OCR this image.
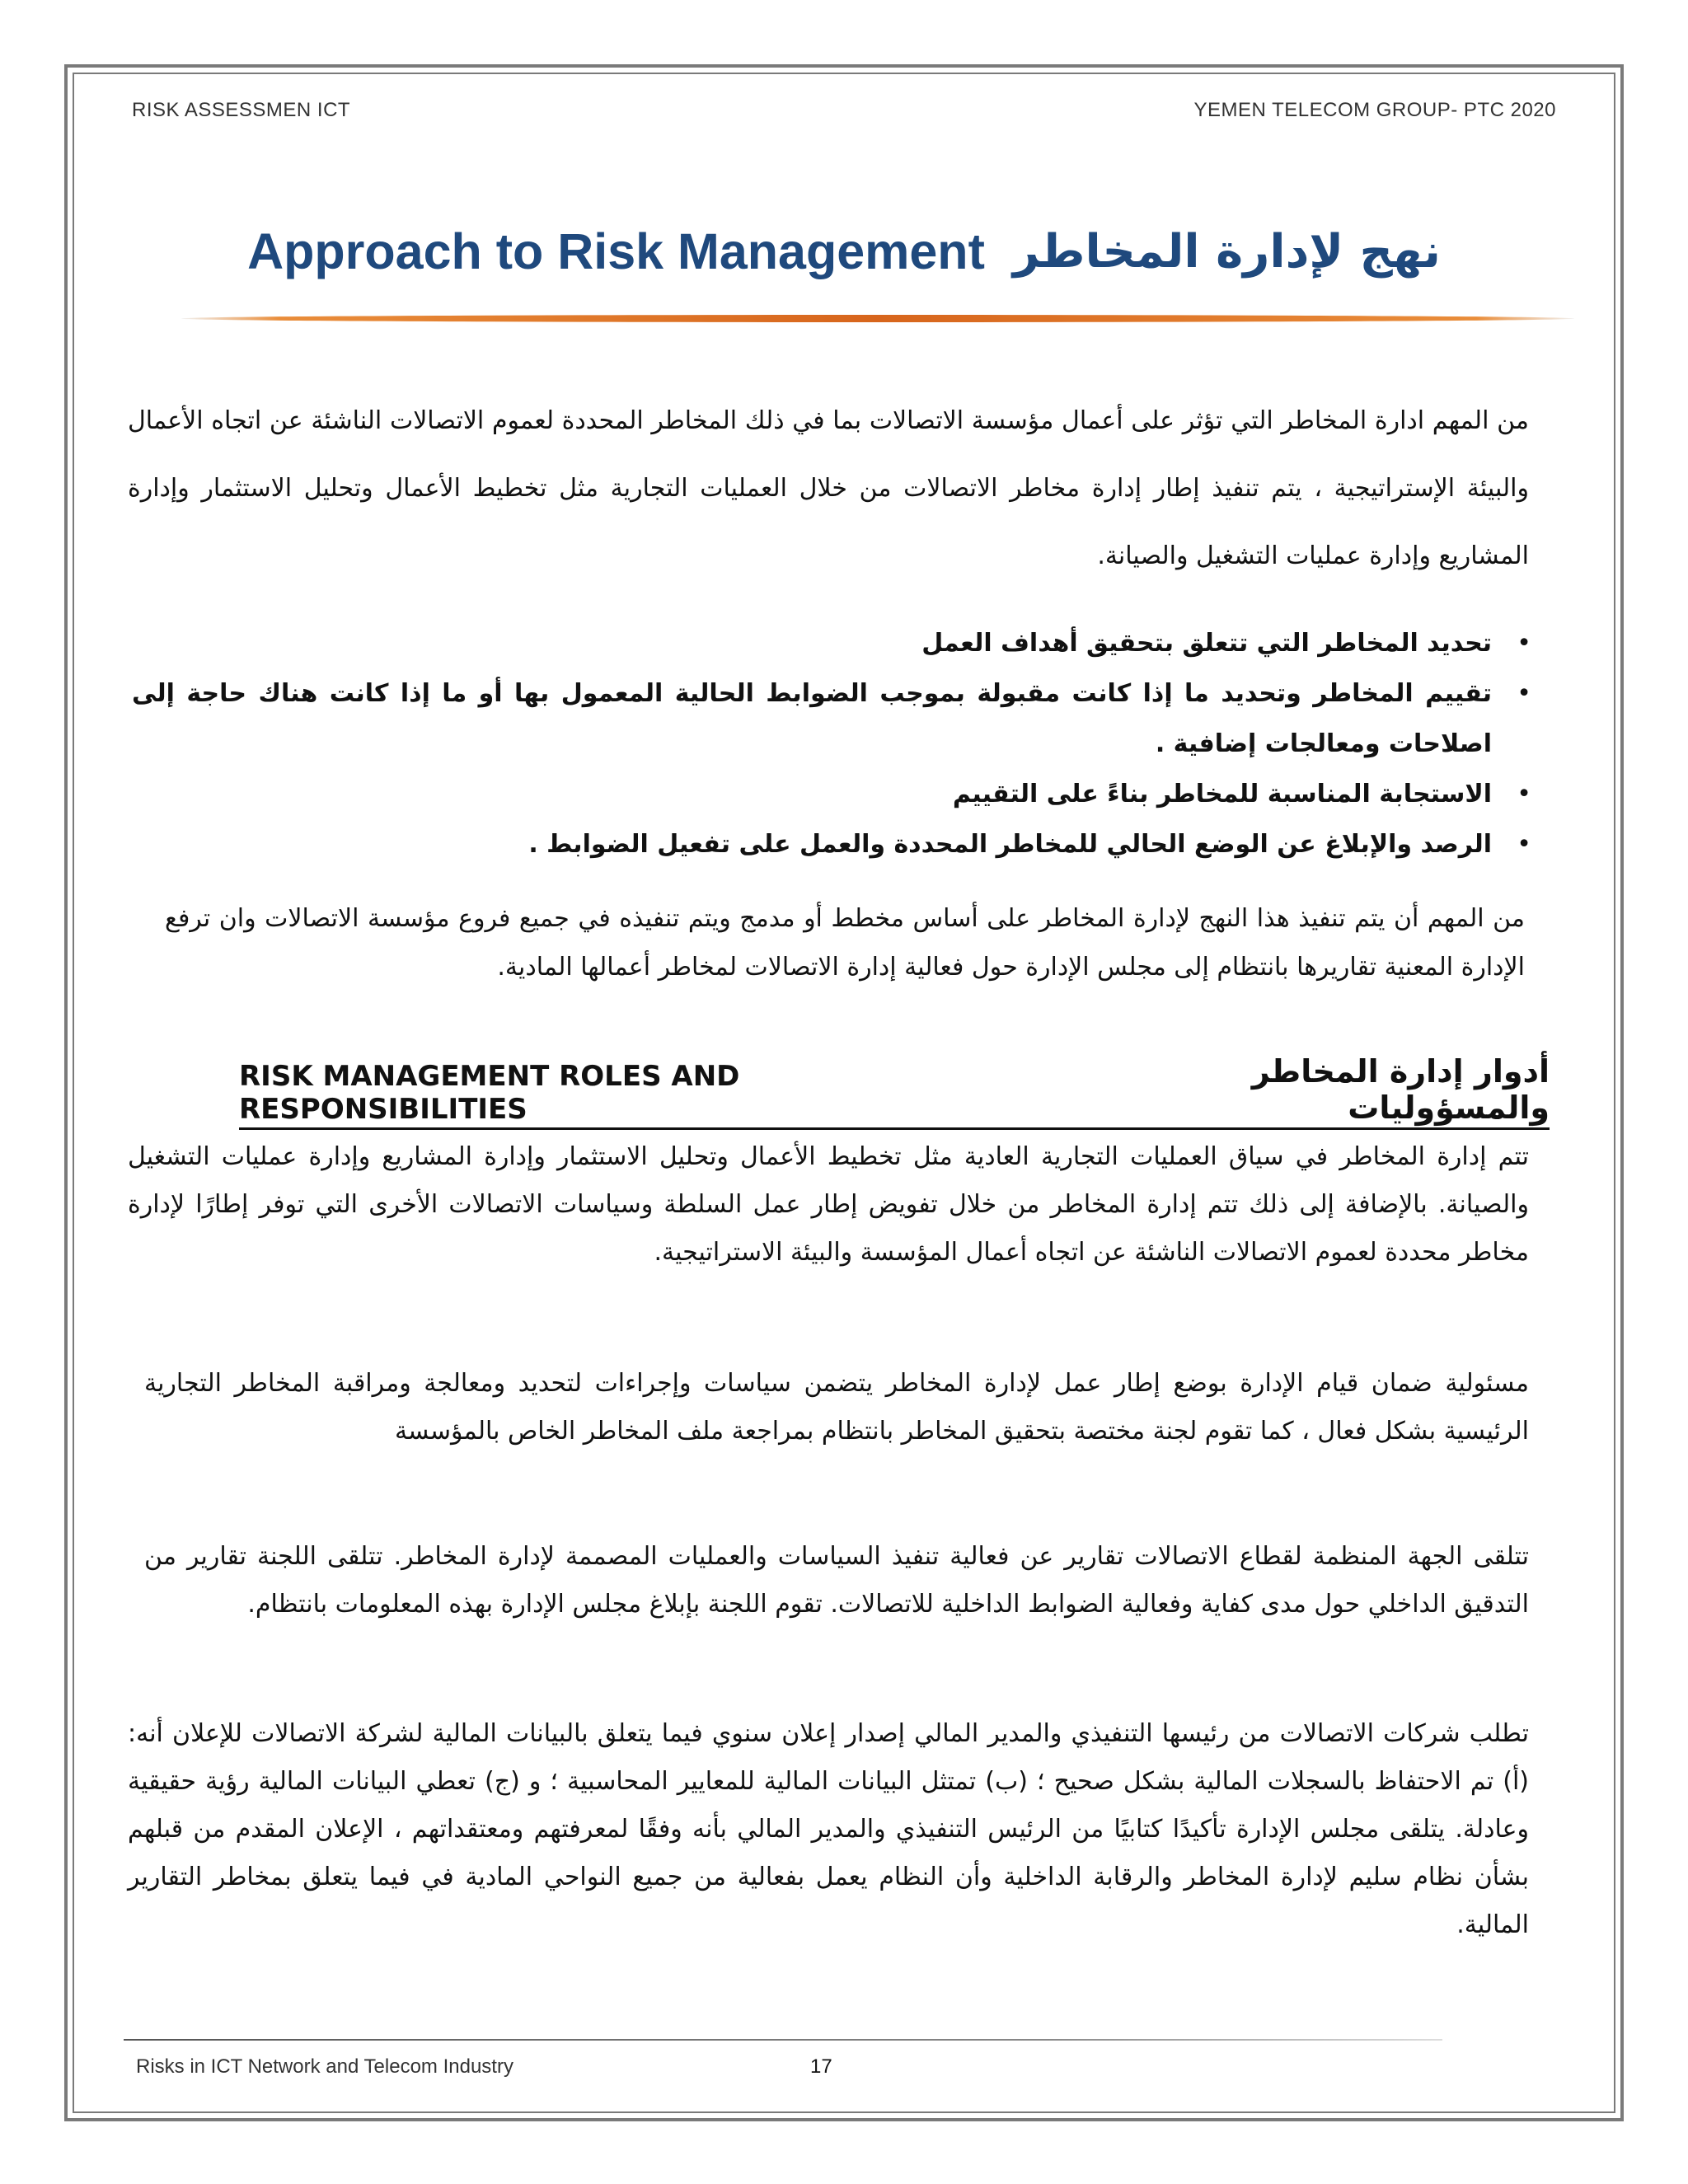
RISK ASSESSMEN ICT	YEMEN TELECOM GROUP- PTC 2020
Approach to Risk Management نهج لإدارة المخاطر
من المهم ادارة المخاطر التي تؤثر على أعمال مؤسسة الاتصالات بما في ذلك المخاطر المحددة لعموم الاتصالات الناشئة عن اتجاه الأعمال والبيئة الإستراتيجية ، يتم تنفيذ إطار إدارة مخاطر الاتصالات من خلال العمليات التجارية مثل تخطيط الأعمال وتحليل الاستثمار وإدارة المشاريع وإدارة عمليات التشغيل والصيانة.
• تحديد المخاطر التي تتعلق بتحقيق أهداف العمل
• تقييم المخاطر وتحديد ما إذا كانت مقبولة بموجب الضوابط الحالية المعمول بها أو ما إذا كانت هناك حاجة إلى اصلاحات ومعالجات إضافية .
• الاستجابة المناسبة للمخاطر بناءً على التقييم
• الرصد والإبلاغ عن الوضع الحالي للمخاطر المحددة والعمل على تفعيل الضوابط .
من المهم أن يتم تنفيذ هذا النهج لإدارة المخاطر على أساس مخطط أو مدمج ويتم تنفيذه في جميع فروع مؤسسة الاتصالات وان ترفع الإدارة المعنية تقاريرها بانتظام إلى مجلس الإدارة حول فعالية إدارة الاتصالات لمخاطر أعمالها المادية.
أدوار إدارة المخاطر والمسؤوليات
RISK MANAGEMENT ROLES AND RESPONSIBILITIES
تتم إدارة المخاطر في سياق العمليات التجارية العادية مثل تخطيط الأعمال وتحليل الاستثمار وإدارة المشاريع وإدارة عمليات التشغيل والصيانة. بالإضافة إلى ذلك تتم إدارة المخاطر من خلال تفويض إطار عمل السلطة وسياسات الاتصالات الأخرى التي توفر إطارًا لإدارة مخاطر محددة لعموم الاتصالات الناشئة عن اتجاه أعمال المؤسسة والبيئة الاستراتيجية.
مسئولية ضمان قيام الإدارة بوضع إطار عمل لإدارة المخاطر يتضمن سياسات وإجراءات لتحديد ومعالجة ومراقبة المخاطر التجارية الرئيسية بشكل فعال ، كما تقوم لجنة مختصة بتحقيق المخاطر بانتظام بمراجعة ملف المخاطر الخاص بالمؤسسة
تتلقى الجهة المنظمة لقطاع الاتصالات تقارير عن فعالية تنفيذ السياسات والعمليات المصممة لإدارة المخاطر. تتلقى اللجنة تقارير من التدقيق الداخلي حول مدى كفاية وفعالية الضوابط الداخلية للاتصالات. تقوم اللجنة بإبلاغ مجلس الإدارة بهذه المعلومات بانتظام.
تطلب شركات الاتصالات من رئيسها التنفيذي والمدير المالي إصدار إعلان سنوي فيما يتعلق بالبيانات المالية لشركة الاتصالات للإعلان أنه: (أ) تم الاحتفاظ بالسجلات المالية بشكل صحيح ؛ (ب) تمتثل البيانات المالية للمعايير المحاسبية ؛ و (ج) تعطي البيانات المالية رؤية حقيقية وعادلة. يتلقى مجلس الإدارة تأكيدًا كتابيًا من الرئيس التنفيذي والمدير المالي بأنه وفقًا لمعرفتهم ومعتقداتهم ، الإعلان المقدم من قبلهم بشأن نظام سليم لإدارة المخاطر والرقابة الداخلية وأن النظام يعمل بفعالية من جميع النواحي المادية في فيما يتعلق بمخاطر التقارير المالية.
Risks in ICT Network and Telecom Industry	17
